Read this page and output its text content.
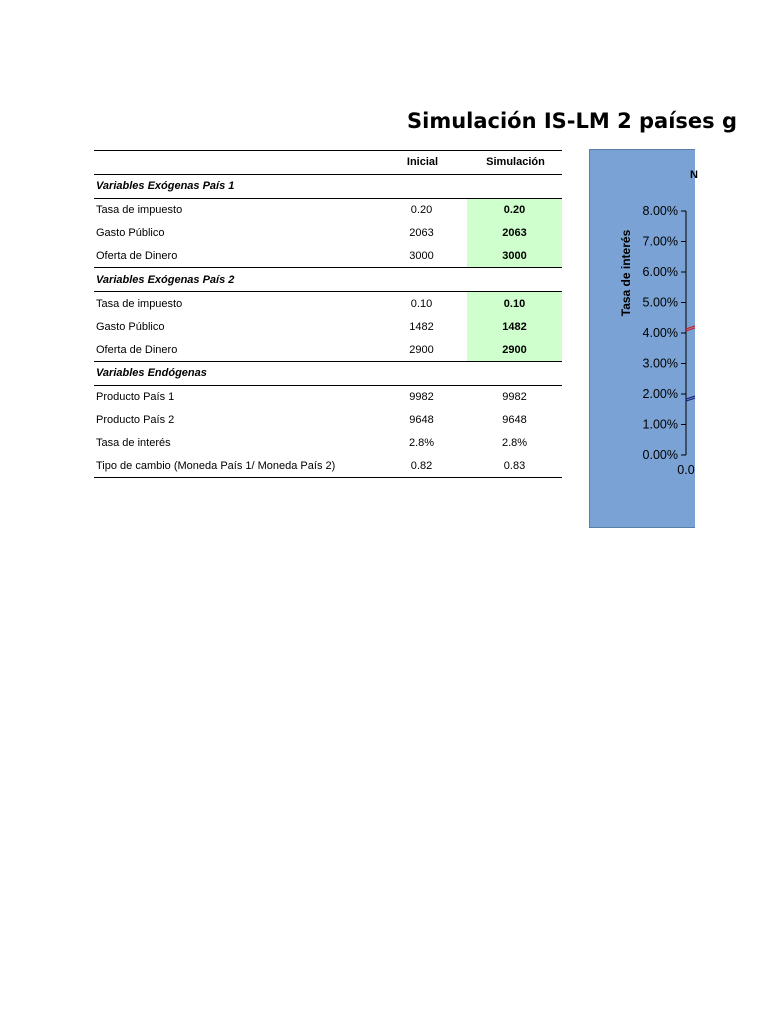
Simulación IS-LM 2 países g
	Inicial	Simulación
Variables Exógenas País 1		
Tasa de impuesto	0.20	0.20
Gasto Público	2063	2063
Oferta de Dinero	3000	3000
Variables Exógenas País 2		
Tasa de impuesto	0.10	0.10
Gasto Público	1482	1482
Oferta de Dinero	2900	2900
Variables Endógenas		
Producto País 1	9982	9982
Producto País 2	9648	9648
Tasa de interés	2.8%	2.8%
Tipo de cambio (Moneda País 1/ Moneda País 2)	0.82	0.83
N
0.00%
1.00%
2.00%
3.00%
4.00%
5.00%
6.00%
7.00%
8.00%
Tasa de interés
0.0
